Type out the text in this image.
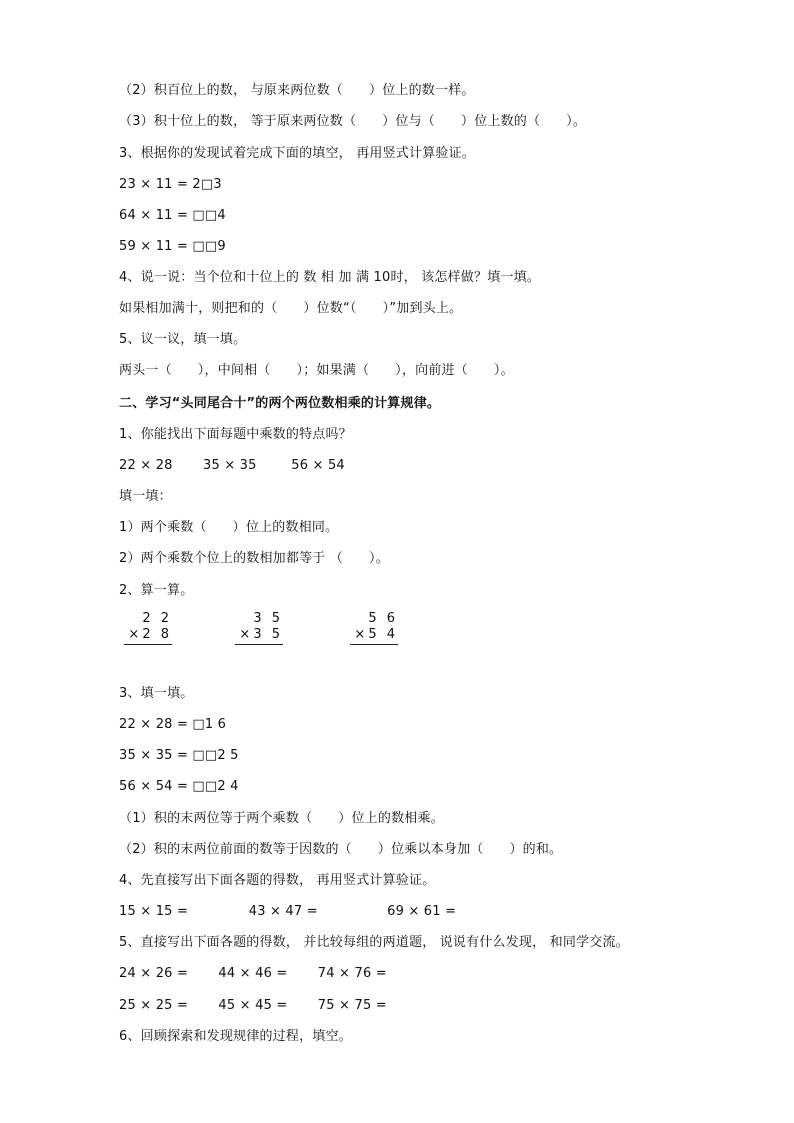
（2）积百位上的数， 与原来两位数（      ）位上的数一样。
（3）积十位上的数， 等于原来两位数（      ）位与（      ）位上数的（      ）。
3、根据你的发现试着完成下面的填空， 再用竖式计算验证。
23 × 11 = 2□3
64 × 11 = □□4
59 × 11 = □□9
4、说一说：当个位和十位上的 数 相 加 满 10时， 该怎样做？填一填。
如果相加满十，则把和的（      ）位数“（      ）”加到头上。
5、议一议，填一填。
两头一（      ），中间相（      ）；如果满（      ），向前进（      ）。
二、学习“头同尾合十”的两个两位数相乘的计算规律。
1、你能找出下面每题中乘数的特点吗？
22 × 28       35 × 35        56 × 54
填一填：
1）两个乘数（      ）位上的数相同。
2）两个乘数个位上的数相加都等于 （      ）。
2、算一算。
3、填一填。
22 × 28 = □1 6
35 × 35 = □□2 5
56 × 54 = □□2 4
（1）积的末两位等于两个乘数（      ）位上的数相乘。
（2）积的末两位前面的数等于因数的（      ）位乘以本身加（      ）的和。
4、先直接写出下面各题的得数， 再用竖式计算验证。
15 × 15 =              43 × 47 =                69 × 61 =
5、直接写出下面各题的得数， 并比较每组的两道题， 说说有什么发现， 和同学交流。
24 × 26 =       44 × 46 =       74 × 76 =
25 × 25 =       45 × 45 =       75 × 75 =
6、回顾探索和发现规律的过程，填空。
2 2
×2 8
3 5
×3 5
5 6
×5 4
